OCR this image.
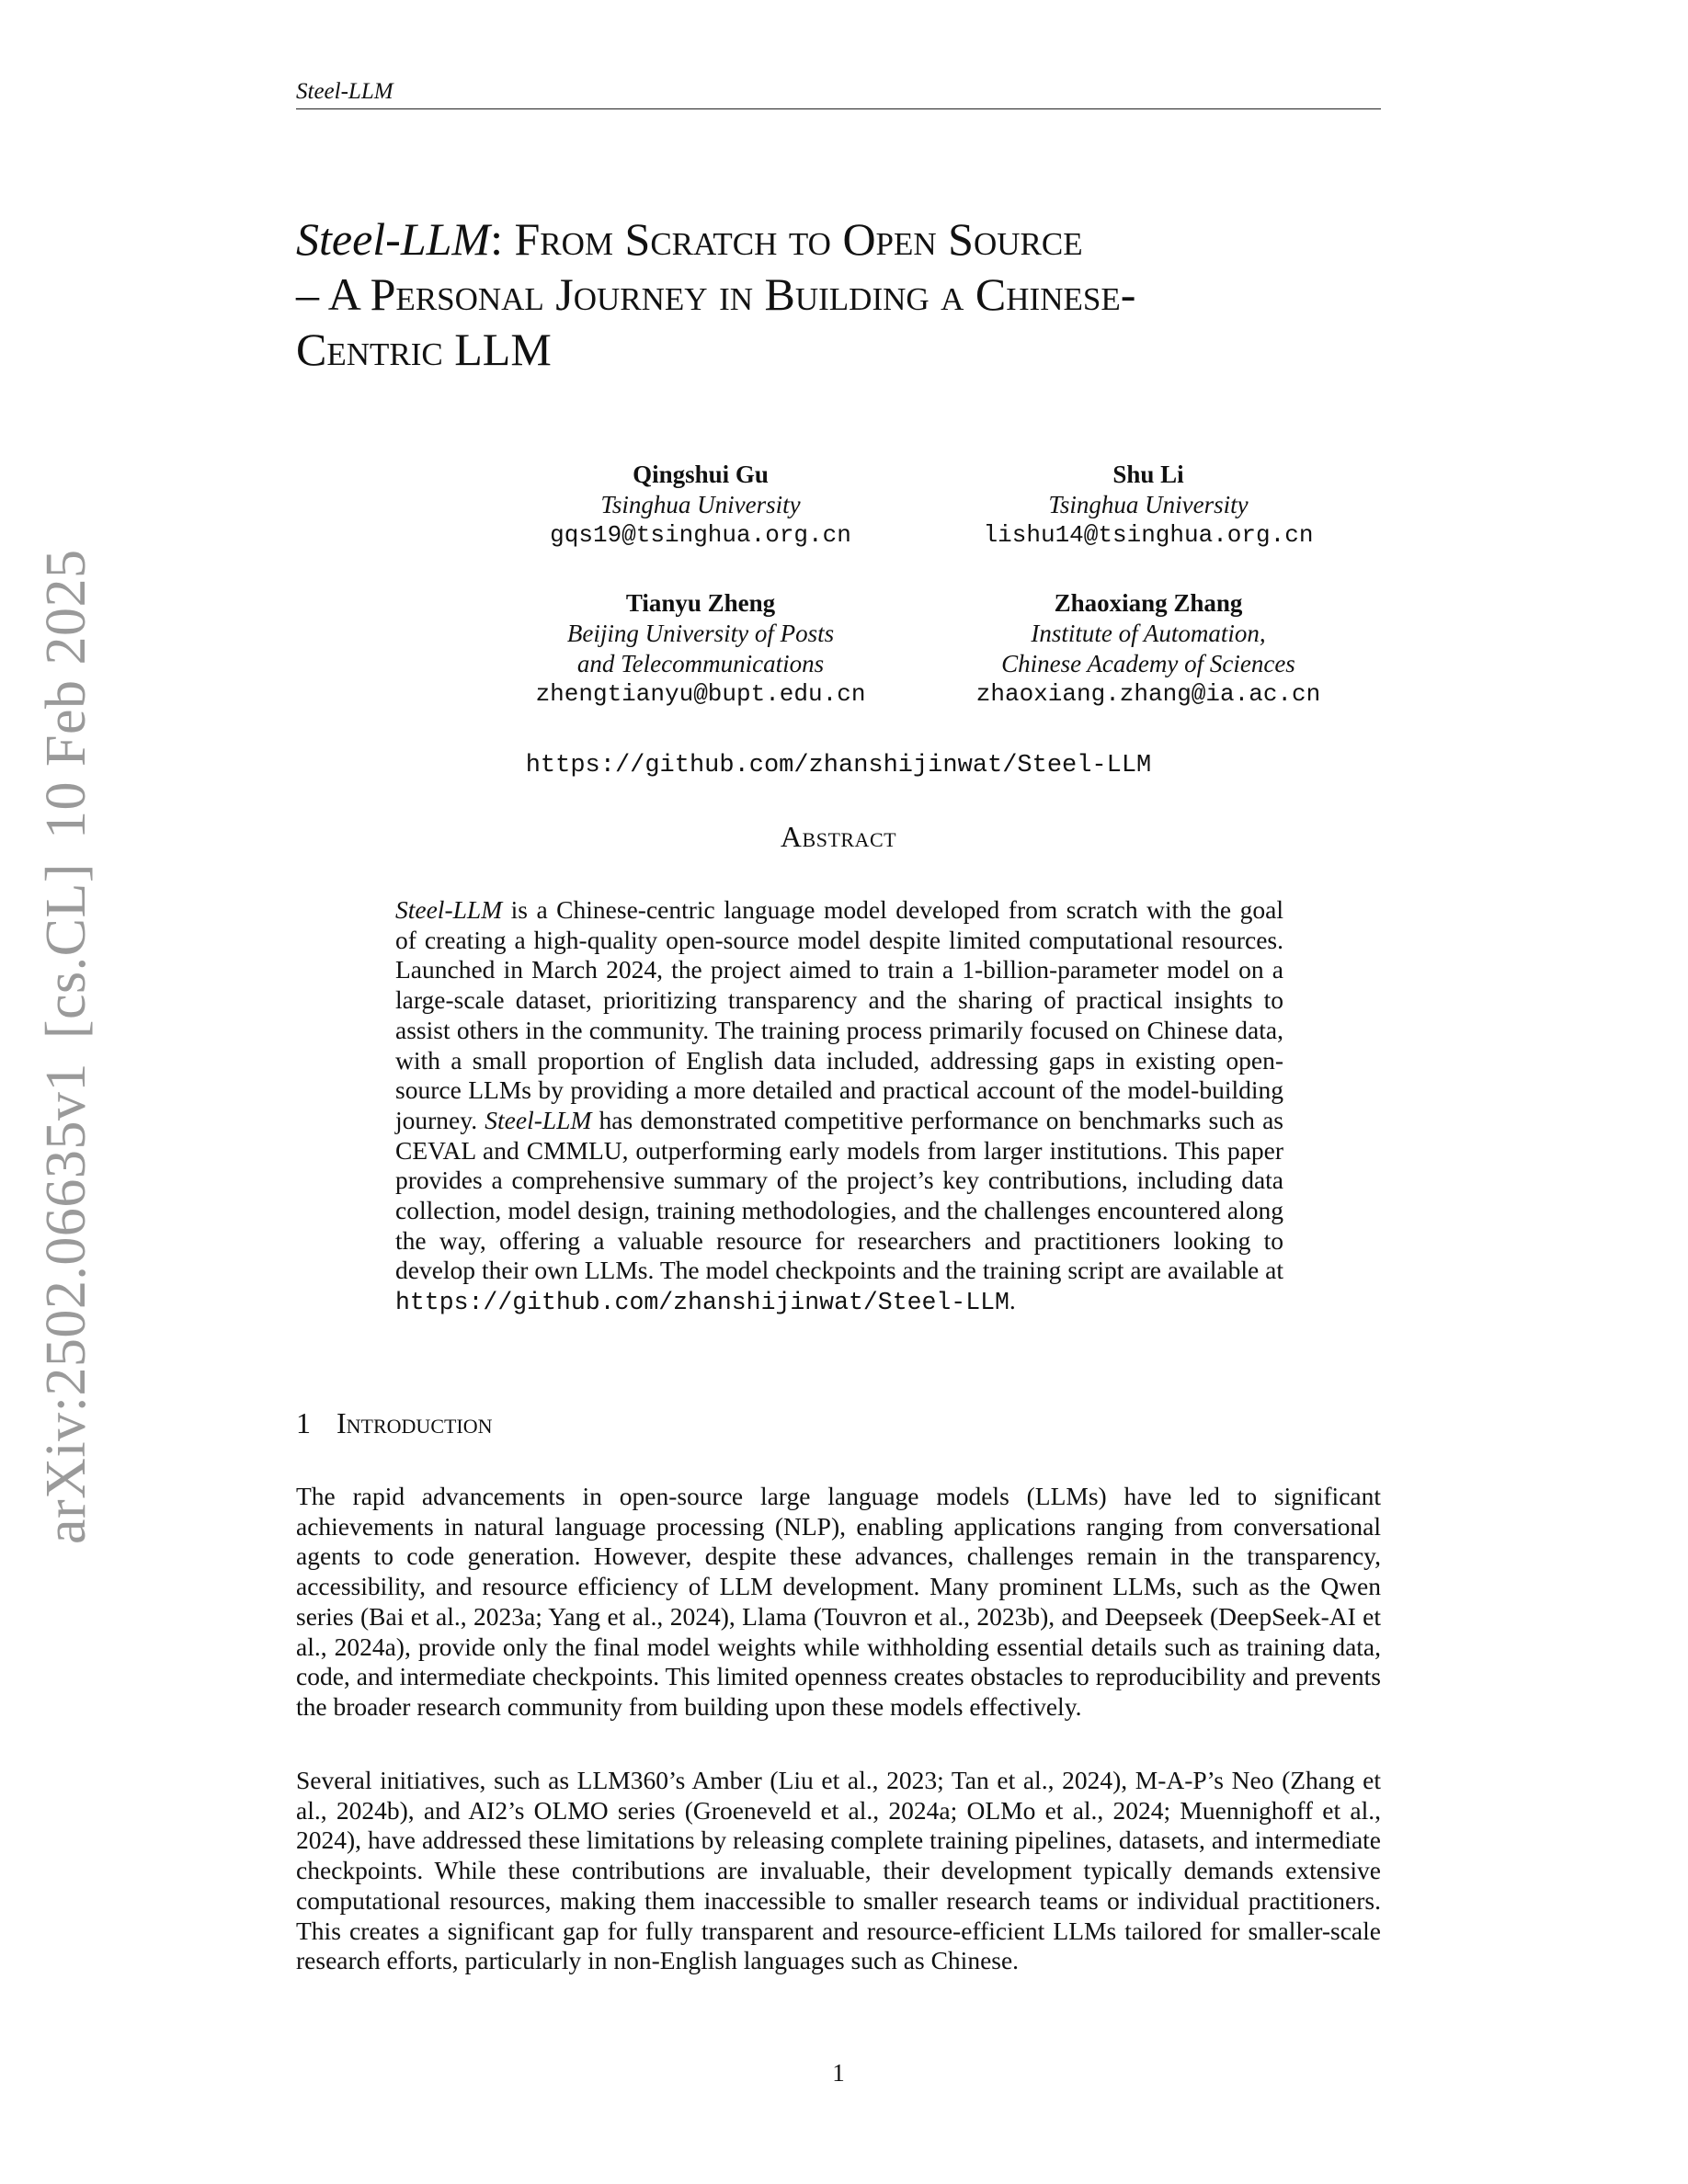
Steel-LLM
arXiv:2502.06635v1
[cs.CL]
10 Feb 2025
Steel-LLM: From Scratch to Open Source
– A Personal Journey in Building a Chinese-
Centric LLM
Qingshui Gu
Tsinghua University
gqs19@tsinghua.org.cn
Shu Li
Tsinghua University
lishu14@tsinghua.org.cn
Tianyu Zheng
Beijing University of Posts
and Telecommunications
zhengtianyu@bupt.edu.cn
Zhaoxiang Zhang
Institute of Automation,
Chinese Academy of Sciences
zhaoxiang.zhang@ia.ac.cn
https://github.com/zhanshijinwat/Steel-LLM
Abstract

Steel-LLM is a Chinese-centric language model developed from scratch with the goal of creating a high-quality open-source model despite limited computational resources. Launched in March 2024, the project aimed to train a 1-billion-parameter model on a large-scale dataset, prioritizing transparency and the sharing of practical insights to assist others in the community. The training process primarily focused on Chinese data, with a small proportion of English data included, addressing gaps in existing open-source LLMs by providing a more detailed and practical account of the model-building journey. Steel-LLM has demonstrated competitive performance on benchmarks such as CEVAL and CMMLU, outperforming early models from larger institutions. This paper provides a comprehensive summary of the project’s key contributions, including data collection, model design, training methodologies, and the challenges encountered along the way, offering a valuable resource for researchers and practitioners looking to develop their own LLMs. The model checkpoints and the training script are available at https://github.com/zhanshijinwat/Steel-LLM.

1 Introduction

The rapid advancements in open-source large language models (LLMs) have led to significant achievements in natural language processing (NLP), enabling applications ranging from conversational agents to code generation. However, despite these advances, challenges remain in the transparency, accessibility, and resource efficiency of LLM development. Many prominent LLMs, such as the Qwen series (Bai et al., 2023a; Yang et al., 2024), Llama (Touvron et al., 2023b), and Deepseek (DeepSeek-AI et al., 2024a), provide only the final model weights while withholding essential details such as training data, code, and intermediate checkpoints. This limited openness creates obstacles to reproducibility and prevents the broader research community from building upon these models effectively.

Several initiatives, such as LLM360’s Amber (Liu et al., 2023; Tan et al., 2024), M-A-P’s Neo (Zhang et al., 2024b), and AI2’s OLMO series (Groeneveld et al., 2024a; OLMo et al., 2024; Muennighoff et al., 2024), have addressed these limitations by releasing complete training pipelines, datasets, and intermediate checkpoints. While these contributions are invaluable, their development typically demands extensive computational resources, making them inaccessible to smaller research teams or individual practitioners. This creates a significant gap for fully transparent and resource-efficient LLMs tailored for smaller-scale research efforts, particularly in non-English languages such as Chinese.

1
